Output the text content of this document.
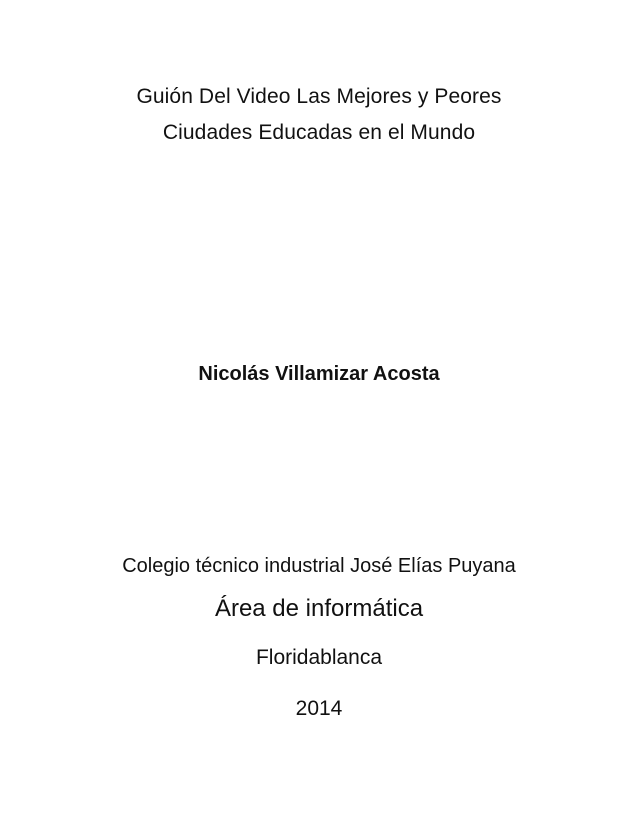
Guión Del Video Las Mejores y Peores
Ciudades Educadas en el Mundo
Nicolás Villamizar Acosta
Colegio técnico industrial José Elías Puyana
Área de informática
Floridablanca
2014
